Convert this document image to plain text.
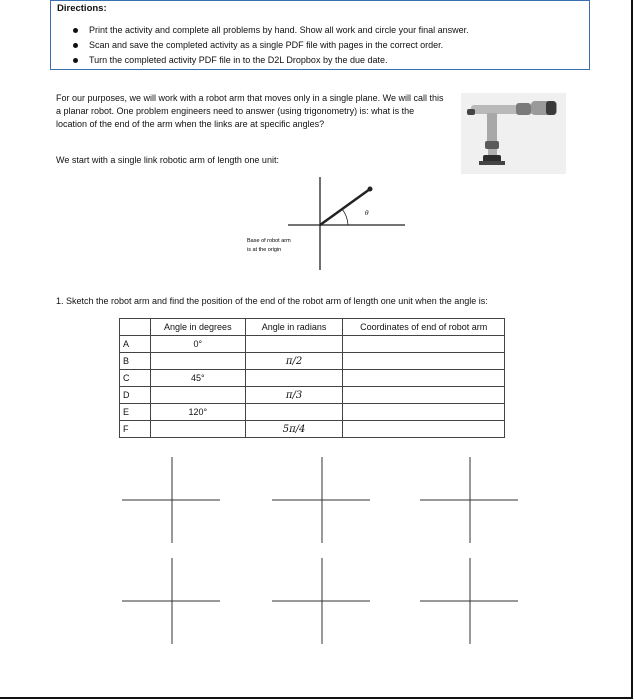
Directions:
Print the activity and complete all problems by hand. Show all work and circle your final answer.
Scan and save the completed activity as a single PDF file with pages in the correct order.
Turn the completed activity PDF file in to the D2L Dropbox by the due date.

For our purposes, we will work with a robot arm that moves only in a single plane. We will call this a planar robot. One problem engineers need to answer (using trigonometry) is: what is the location of the end of the arm when the links are at specific angles?

We start with a single link robotic arm of length one unit:

θ
Base of robot arm
is at the origin

1. Sketch the robot arm and find the position of the end of the robot arm of length one unit when the angle is:

	Angle in degrees	Angle in radians	Coordinates of end of robot arm
A	0°		
B		π/2	
C	45°		
D		π/3	
E	120°		
F		5π/4	
